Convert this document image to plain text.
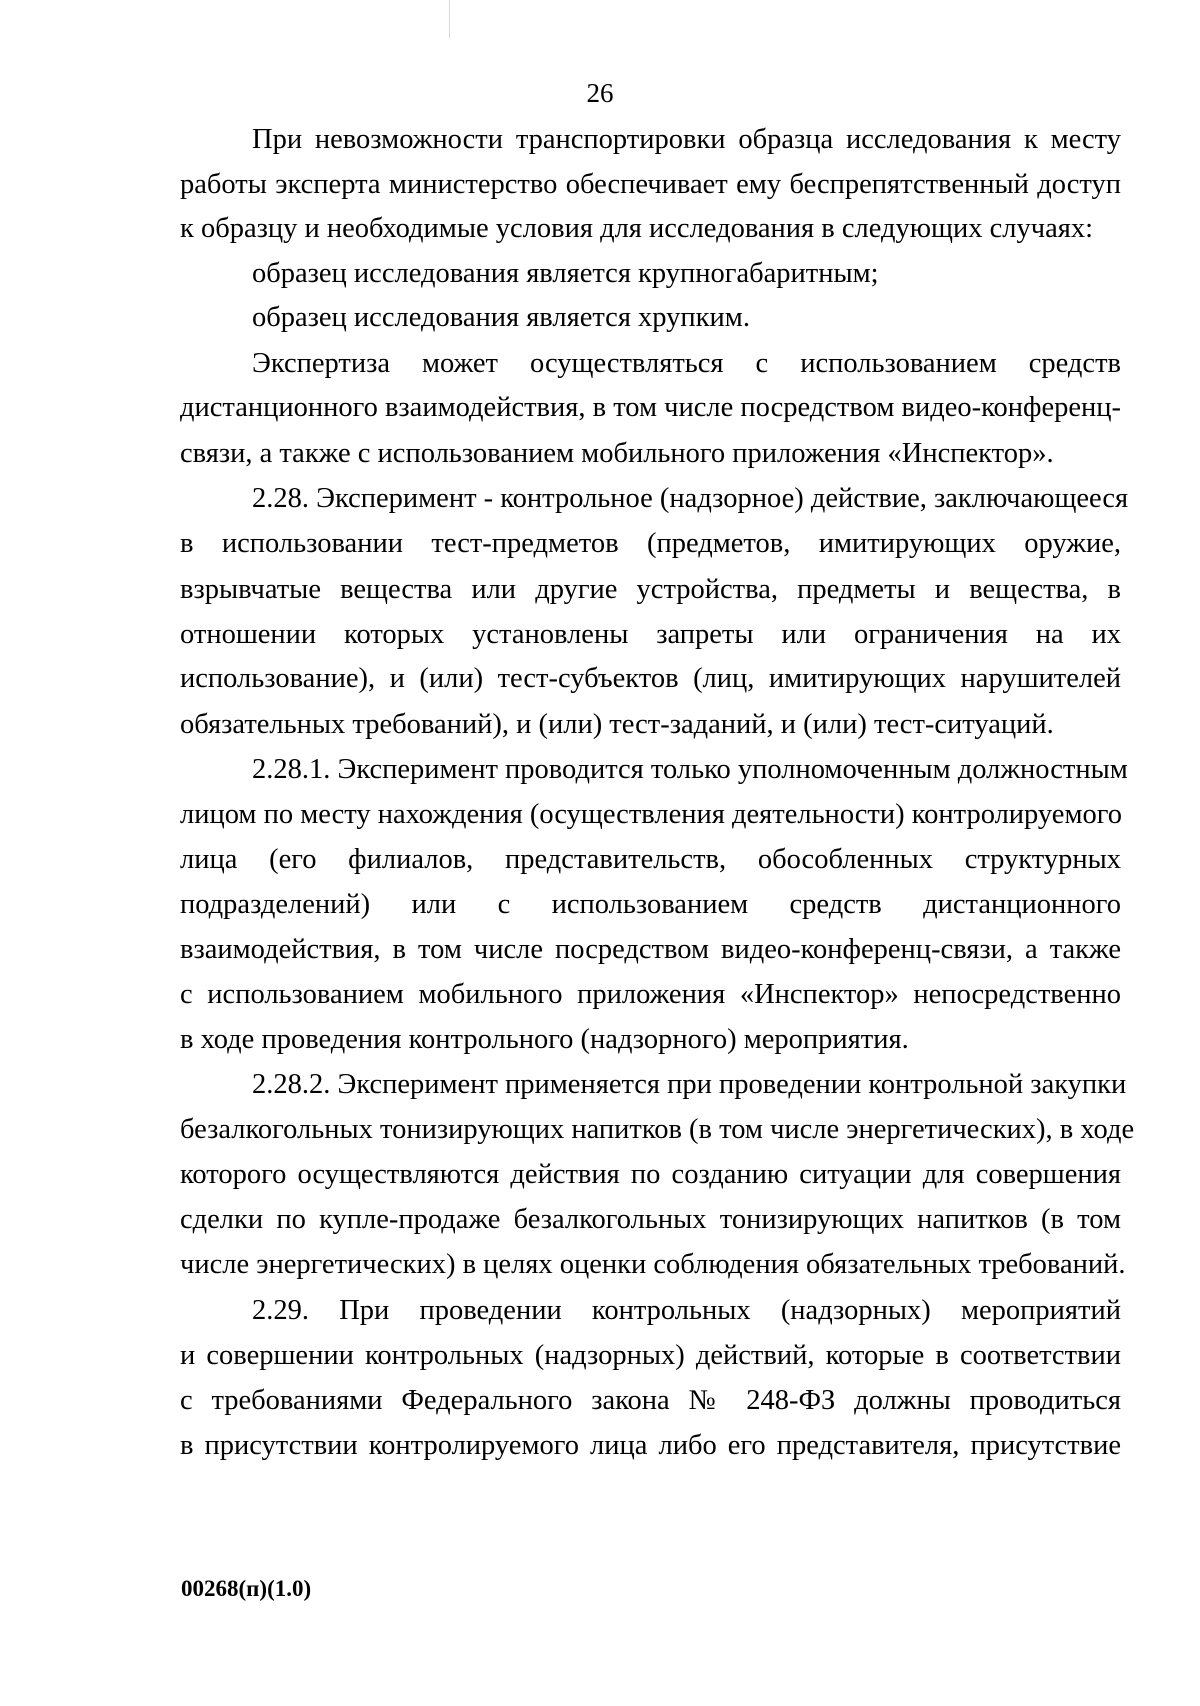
26
При невозможности транспортировки образца исследования к месту
работы эксперта министерство обеспечивает ему беспрепятственный доступ
к образцу и необходимые условия для исследования в следующих случаях:
образец исследования является крупногабаритным;
образец исследования является хрупким.
Экспертиза может осуществляться с использованием средств
дистанционного взаимодействия, в том числе посредством видео-конференц-
связи, а также с использованием мобильного приложения «Инспектор».
2.28. Эксперимент - контрольное (надзорное) действие, заключающееся
в использовании тест-предметов (предметов, имитирующих оружие,
взрывчатые вещества или другие устройства, предметы и вещества, в
отношении которых установлены запреты или ограничения на их
использование), и (или) тест-субъектов (лиц, имитирующих нарушителей
обязательных требований), и (или) тест-заданий, и (или) тест-ситуаций.
2.28.1. Эксперимент проводится только уполномоченным должностным
лицом по месту нахождения (осуществления деятельности) контролируемого
лица (его филиалов, представительств, обособленных структурных
подразделений) или с использованием средств дистанционного
взаимодействия, в том числе посредством видео-конференц-связи, а также
с использованием мобильного приложения «Инспектор» непосредственно
в ходе проведения контрольного (надзорного) мероприятия.
2.28.2. Эксперимент применяется при проведении контрольной закупки
безалкогольных тонизирующих напитков (в том числе энергетических), в ходе
которого осуществляются действия по созданию ситуации для совершения
сделки по купле-продаже безалкогольных тонизирующих напитков (в том
числе энергетических) в целях оценки соблюдения обязательных требований.
2.29. При проведении контрольных (надзорных) мероприятий
и совершении контрольных (надзорных) действий, которые в соответствии
с требованиями Федерального закона № 248-ФЗ должны проводиться
в присутствии контролируемого лица либо его представителя, присутствие
00268(п)(1.0)
